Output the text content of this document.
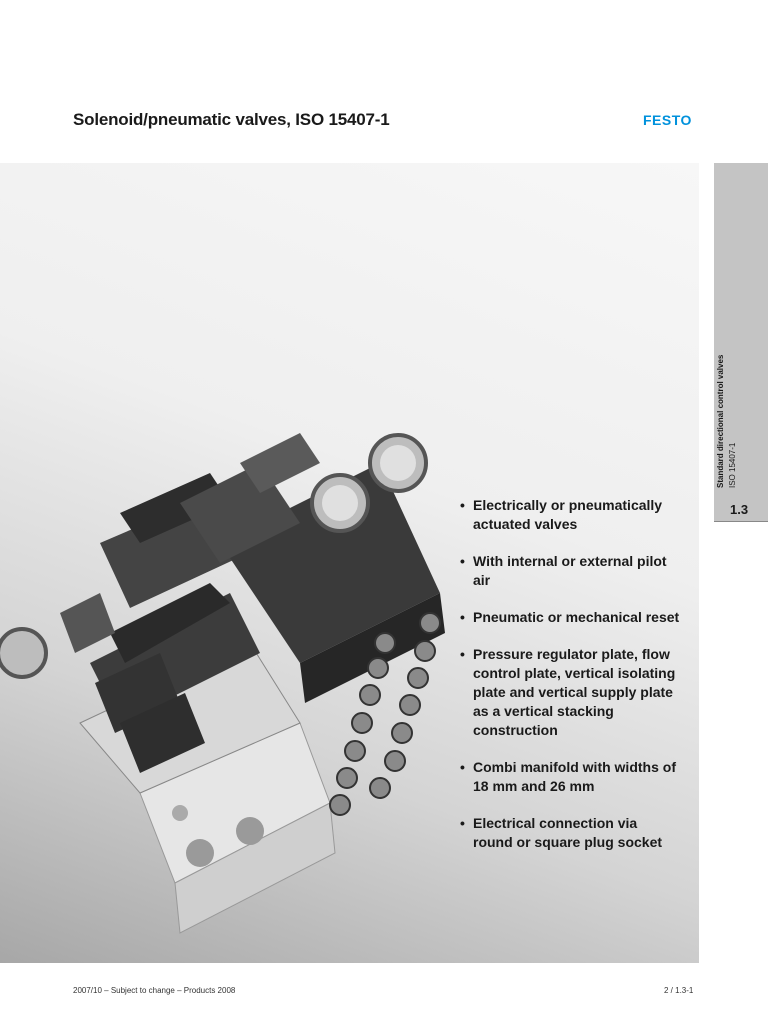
Solenoid/pneumatic valves, ISO 15407-1	FESTO
• Electrically or pneumatically actuated valves
• With internal or external pilot air
• Pneumatic or mechanical reset
• Pressure regulator plate, flow control plate, vertical isolating plate and vertical supply plate as a vertical stacking construction
• Combi manifold with widths of 18 mm and 26 mm
• Electrical connection via round or square plug socket
Standard directional control valves ISO 15407-1
1.3
2007/10 – Subject to change – Products 2008	2 / 1.3-1
